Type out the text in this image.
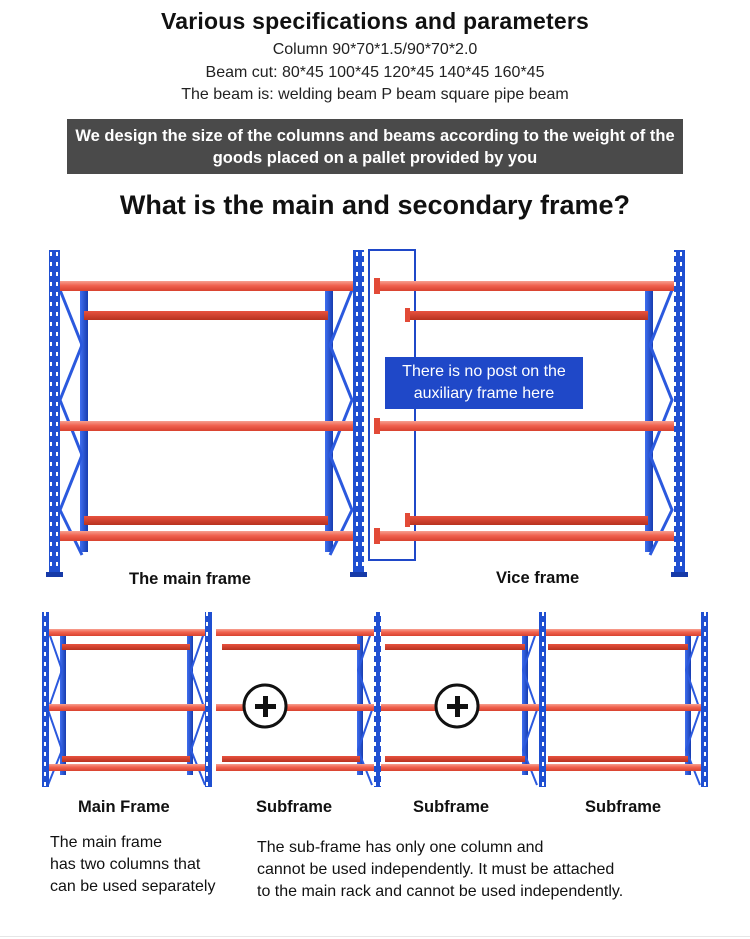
Various specifications and parameters
Column 90*70*1.5/90*70*2.0
Beam cut: 80*45 100*45 120*45 140*45 160*45
The beam is: welding beam P beam square pipe beam
We design the size of the columns and beams according to the weight of the goods placed on a pallet provided by you
What is the main and secondary frame?
There is no post on the auxiliary frame here
The main frame	Vice frame
Main Frame	Subframe	Subframe	Subframe
The main frame
has two columns that
can be used separately
The sub-frame has only one column and
cannot be used independently. It must be attached
to the main rack and cannot be used independently.
